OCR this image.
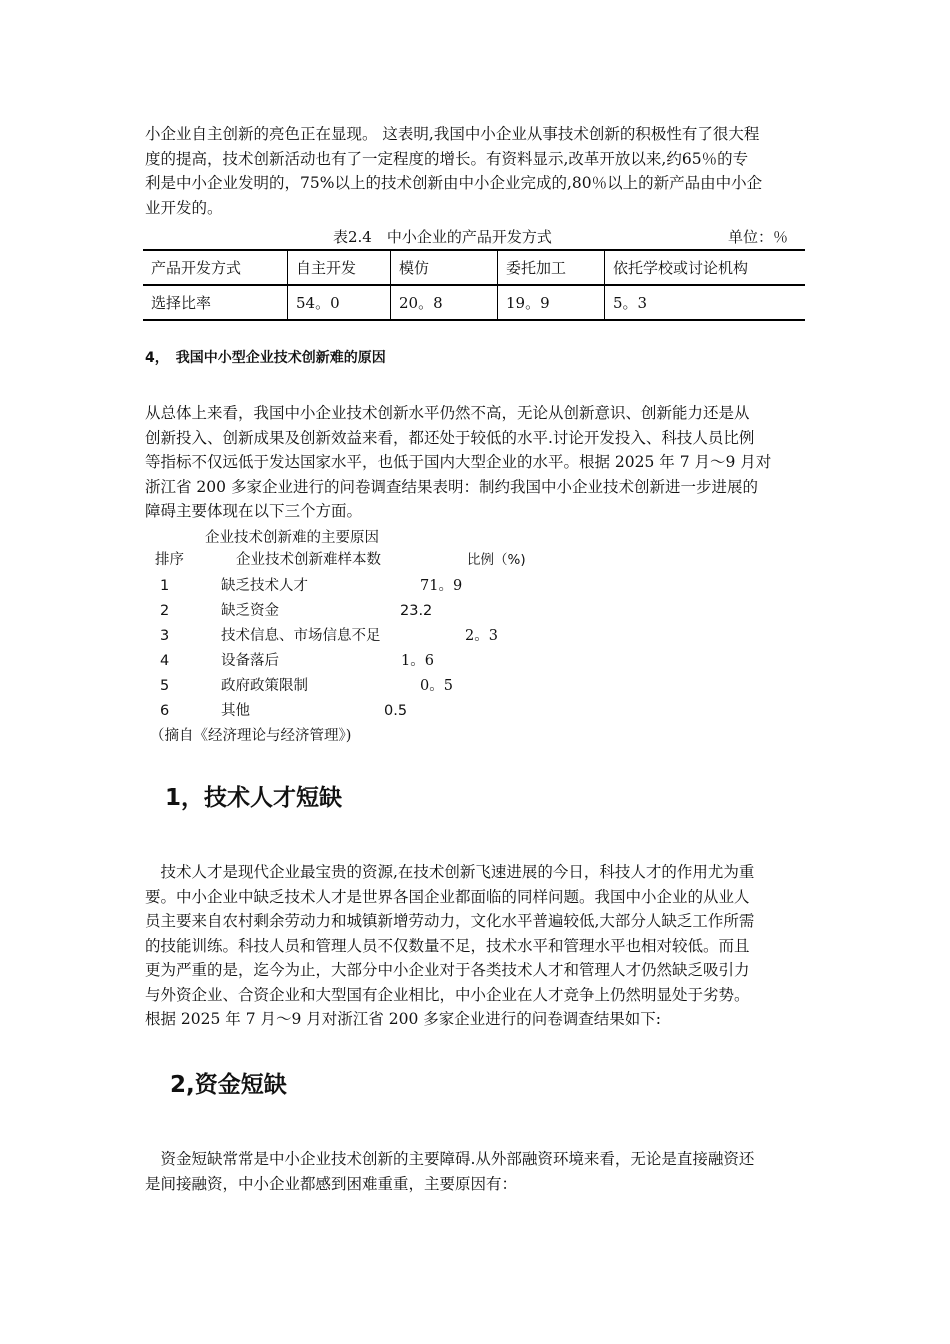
小企业自主创新的亮色正在显现。 这表明,我国中小企业从事技术创新的积极性有了很大程

度的提高，技术创新活动也有了一定程度的增长。有资料显示,改革开放以来,约65％的专

利是中小企业发明的，75%以上的技术创新由中小企业完成的,80％以上的新产品由中小企

业开发的。

表2.4　中小企业的产品开发方式	单位：％
产品开发方式	自主开发	模仿	委托加工	依托学校或讨论机构
选择比率	54。0	20。8	19。9	5。3
4，　我国中小型企业技术创新难的原因

从总体上来看，我国中小企业技术创新水平仍然不高，无论从创新意识、创新能力还是从

创新投入、创新成果及创新效益来看，都还处于较低的水平.讨论开发投入、科技人员比例

等指标不仅远低于发达国家水平，也低于国内大型企业的水平。根据 2025 年 7 月～9 月对

浙江省 200 多家企业进行的问卷调查结果表明：制约我国中小企业技术创新进一步进展的

障碍主要体现在以下三个方面。

企业技术创新难的主要原因
排序	企业技术创新难样本数	比例（%)
1	缺乏技术人才	71。9
2	缺乏资金	23.2
3	技术信息、市场信息不足	2。3
4	设备落后	1。6
5	政府政策限制	0。5
6	其他	0.5
（摘自《经济理论与经济管理》)
1，技术人才短缺

　技术人才是现代企业最宝贵的资源,在技术创新飞速进展的今日，科技人才的作用尤为重

要。中小企业中缺乏技术人才是世界各国企业都面临的同样问题。我国中小企业的从业人

员主要来自农村剩余劳动力和城镇新增劳动力，文化水平普遍较低,大部分人缺乏工作所需

的技能训练。科技人员和管理人员不仅数量不足，技术水平和管理水平也相对较低。而且

更为严重的是，迄今为止，大部分中小企业对于各类技术人才和管理人才仍然缺乏吸引力

与外资企业、合资企业和大型国有企业相比，中小企业在人才竞争上仍然明显处于劣势。

根据 2025 年 7 月～9 月对浙江省 200 多家企业进行的问卷调查结果如下:

2,资金短缺

　资金短缺常常是中小企业技术创新的主要障碍.从外部融资环境来看，无论是直接融资还

是间接融资，中小企业都感到困难重重，主要原因有：
